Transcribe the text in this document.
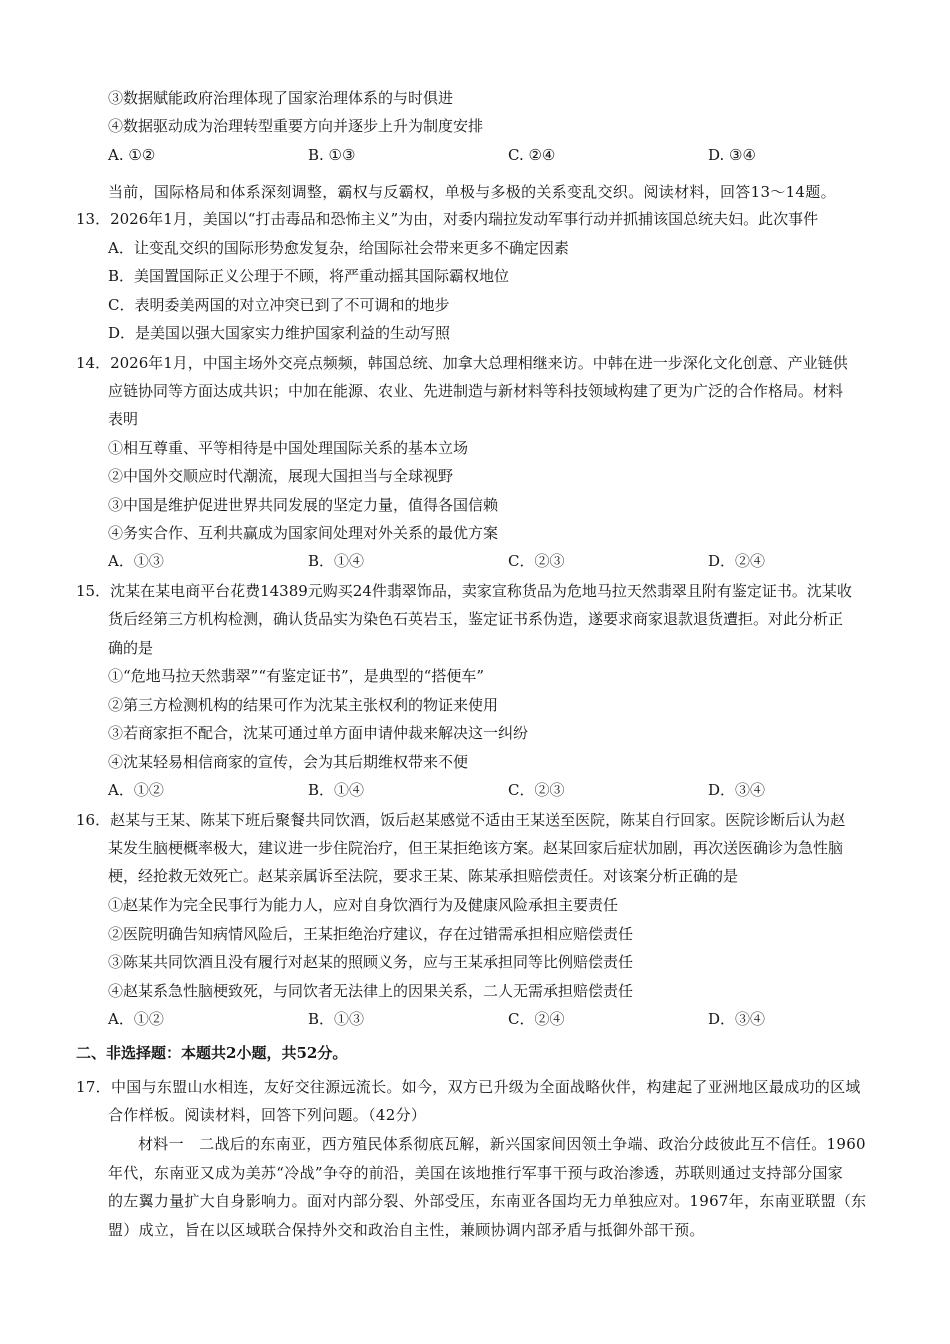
③数据赋能政府治理体现了国家治理体系的与时俱进
④数据驱动成为治理转型重要方向并逐步上升为制度安排
A. ①②	B. ①③	C. ②④	D. ③④
当前，国际格局和体系深刻调整，霸权与反霸权，单极与多极的关系变乱交织。阅读材料，回答13～14题。
13．2026年1月，美国以“打击毒品和恐怖主义”为由，对委内瑞拉发动军事行动并抓捕该国总统夫妇。此次事件
A．让变乱交织的国际形势愈发复杂，给国际社会带来更多不确定因素
B．美国置国际正义公理于不顾，将严重动摇其国际霸权地位
C．表明委美两国的对立冲突已到了不可调和的地步
D．是美国以强大国家实力维护国家利益的生动写照
14．2026年1月，中国主场外交亮点频频，韩国总统、加拿大总理相继来访。中韩在进一步深化文化创意、产业链供
应链协同等方面达成共识；中加在能源、农业、先进制造与新材料等科技领域构建了更为广泛的合作格局。材料
表明
①相互尊重、平等相待是中国处理国际关系的基本立场
②中国外交顺应时代潮流，展现大国担当与全球视野
③中国是维护促进世界共同发展的坚定力量，值得各国信赖
④务实合作、互利共赢成为国家间处理对外关系的最优方案
A．①③	B．①④	C．②③	D．②④
15．沈某在某电商平台花费14389元购买24件翡翠饰品，卖家宣称货品为危地马拉天然翡翠且附有鉴定证书。沈某收
货后经第三方机构检测，确认货品实为染色石英岩玉，鉴定证书系伪造，遂要求商家退款退货遭拒。对此分析正
确的是
①“危地马拉天然翡翠”“有鉴定证书”，是典型的“搭便车”
②第三方检测机构的结果可作为沈某主张权利的物证来使用
③若商家拒不配合，沈某可通过单方面申请仲裁来解决这一纠纷
④沈某轻易相信商家的宣传，会为其后期维权带来不便
A．①②	B．①④	C．②③	D．③④
16．赵某与王某、陈某下班后聚餐共同饮酒，饭后赵某感觉不适由王某送至医院，陈某自行回家。医院诊断后认为赵
某发生脑梗概率极大，建议进一步住院治疗，但王某拒绝该方案。赵某回家后症状加剧，再次送医确诊为急性脑
梗，经抢救无效死亡。赵某亲属诉至法院，要求王某、陈某承担赔偿责任。对该案分析正确的是
①赵某作为完全民事行为能力人，应对自身饮酒行为及健康风险承担主要责任
②医院明确告知病情风险后，王某拒绝治疗建议，存在过错需承担相应赔偿责任
③陈某共同饮酒且没有履行对赵某的照顾义务，应与王某承担同等比例赔偿责任
④赵某系急性脑梗致死，与同饮者无法律上的因果关系，二人无需承担赔偿责任
A．①②	B．①③	C．②④	D．③④
二、非选择题：本题共2小题，共52分。
17．中国与东盟山水相连，友好交往源远流长。如今，双方已升级为全面战略伙伴，构建起了亚洲地区最成功的区域
合作样板。阅读材料，回答下列问题。（42分）
材料一　二战后的东南亚，西方殖民体系彻底瓦解，新兴国家间因领土争端、政治分歧彼此互不信任。1960
年代，东南亚又成为美苏“冷战”争夺的前沿，美国在该地推行军事干预与政治渗透，苏联则通过支持部分国家
的左翼力量扩大自身影响力。面对内部分裂、外部受压，东南亚各国均无力单独应对。1967年，东南亚联盟（东
盟）成立，旨在以区域联合保持外交和政治自主性，兼顾协调内部矛盾与抵御外部干预。
